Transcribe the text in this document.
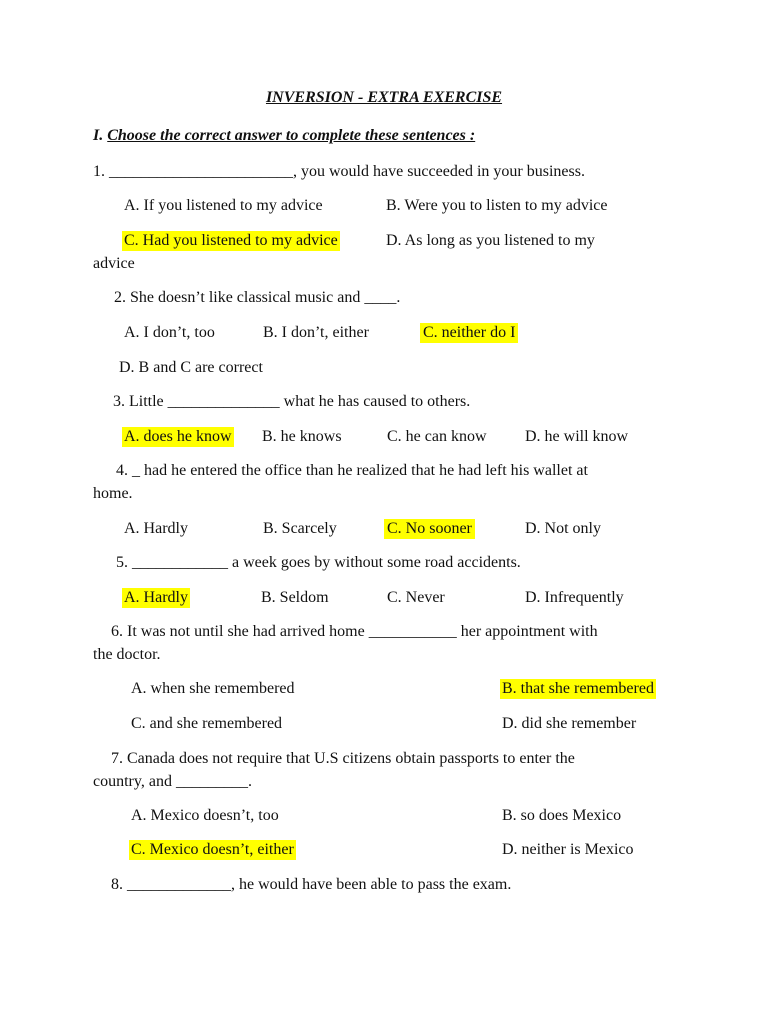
INVERSION - EXTRA EXERCISE
I. Choose the correct answer to complete these sentences :
1. _______________________, you would have succeeded in your business.
A. If you listened to my advice	B. Were you to listen to my advice
C. Had you listened to my advice	D. As long as you listened to my
advice
2. She doesn’t like classical music and ____.
A. I don’t, too	B. I don’t, either	C. neither do I
D. B and C are correct
3. Little ______________ what he has caused to others.
A. does he know B. he knows	C. he can know D. he will know
4. _ had he entered the office than he realized that he had left his wallet at
home.
A. Hardly	B. Scarcely	C. No sooner	D. Not only
5. ____________ a week goes by without some road accidents.
A. Hardly	B. Seldom	C. Never	D. Infrequently
6. It was not until she had arrived home ___________ her appointment with
the doctor.
A. when she remembered	B. that she remembered
C. and she remembered	D. did she remember
7. Canada does not require that U.S citizens obtain passports to enter the
country, and _________.
A. Mexico doesn’t, too	B. so does Mexico
C. Mexico doesn’t, either	D. neither is Mexico
8. _____________, he would have been able to pass the exam.
